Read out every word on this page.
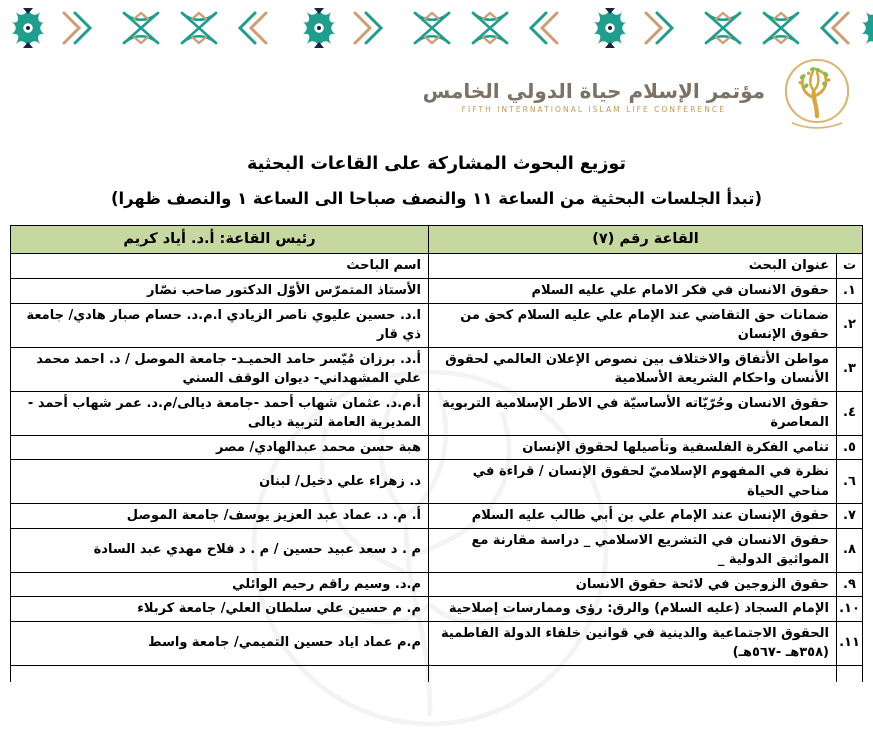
مؤتمر الإسلام حياة الدولي الخامس
FIFTH INTERNATIONAL ISLAM LIFE CONFERENCE
توزيع البحوث المشاركة على القاعات البحثية
(تبدأ الجلسات البحثية من الساعة ١١ والنصف صباحا الى الساعة ١ والنصف ظهرا)
القاعة رقم (٧)		رئيس القاعة: أ.د. أياد كريم
ت	عنوان البحث	اسم الباحث
١.	حقوق الانسان في فكر الامام علي عليه السلام	الأستاذ المتمرّس الأوّل الدكتور صاحب نصّار
٢.	ضمانات حق التقاضي عند الإمام علي عليه السلام كحق من حقوق الإنسان	ا.د. حسين عليوي ناصر الزيادي ا.م.د. حسام صبار هادي/ جامعة ذي قار
٣.	مواطن الأتفاق والاختلاف بين نصوص الإعلان العالمي لحقوق الأنسان واحكام الشريعة الأسلامية	أ.د. برزان مُيّسر حامد الحميـد- جامعة الموصل / د. احمد محمد علي المشهداني- ديوان الوقف السني
٤.	حقوق الانسان وحُرّيّاته الأساسيّة في الاطر الإسلامية التربوية المعاصرة	أ.م.د. عثمان شهاب أحمد -جامعة ديالى/م.د. عمر شهاب أحمد - المديرية العامة لتربية ديالى
٥.	تنامي الفكرة الفلسفية وتأصيلها لحقوق الإنسان	هبة حسن محمد عبدالهادي/ مصر
٦.	نظرة في المفهوم الإسلاميّ لحقوق الإنسان / قراءة في مناحي الحياة	د. زهراء علي دخيل/ لبنان
٧.	حقوق الإنسان عند الإمام علي بن أبي طالب عليه السلام	أ. م. د. عماد عبد العزيز يوسف/ جامعة الموصل
٨.	حقوق الانسان في التشريع الاسلامي _ دراسة مقارنة مع المواثيق الدولية _	م . د سعد عبيد حسين / م . د فلاح مهدي عبد السادة
٩.	حقوق الزوجين في لائحة حقوق الانسان	م.د. وسيم راقم رحيم الوائلي
١٠.	الإمام السجاد (عليه السلام) والرق: رؤى وممارسات إصلاحية	م. م حسين علي سلطان العلي/ جامعة كربلاء
١١.	الحقوق الاجتماعية والدينية في قوانين خلفاء الدولة الفاطمية (٣٥٨هـ -٥٦٧هـ)	م.م عماد اياد حسين التميمي/ جامعة واسط
